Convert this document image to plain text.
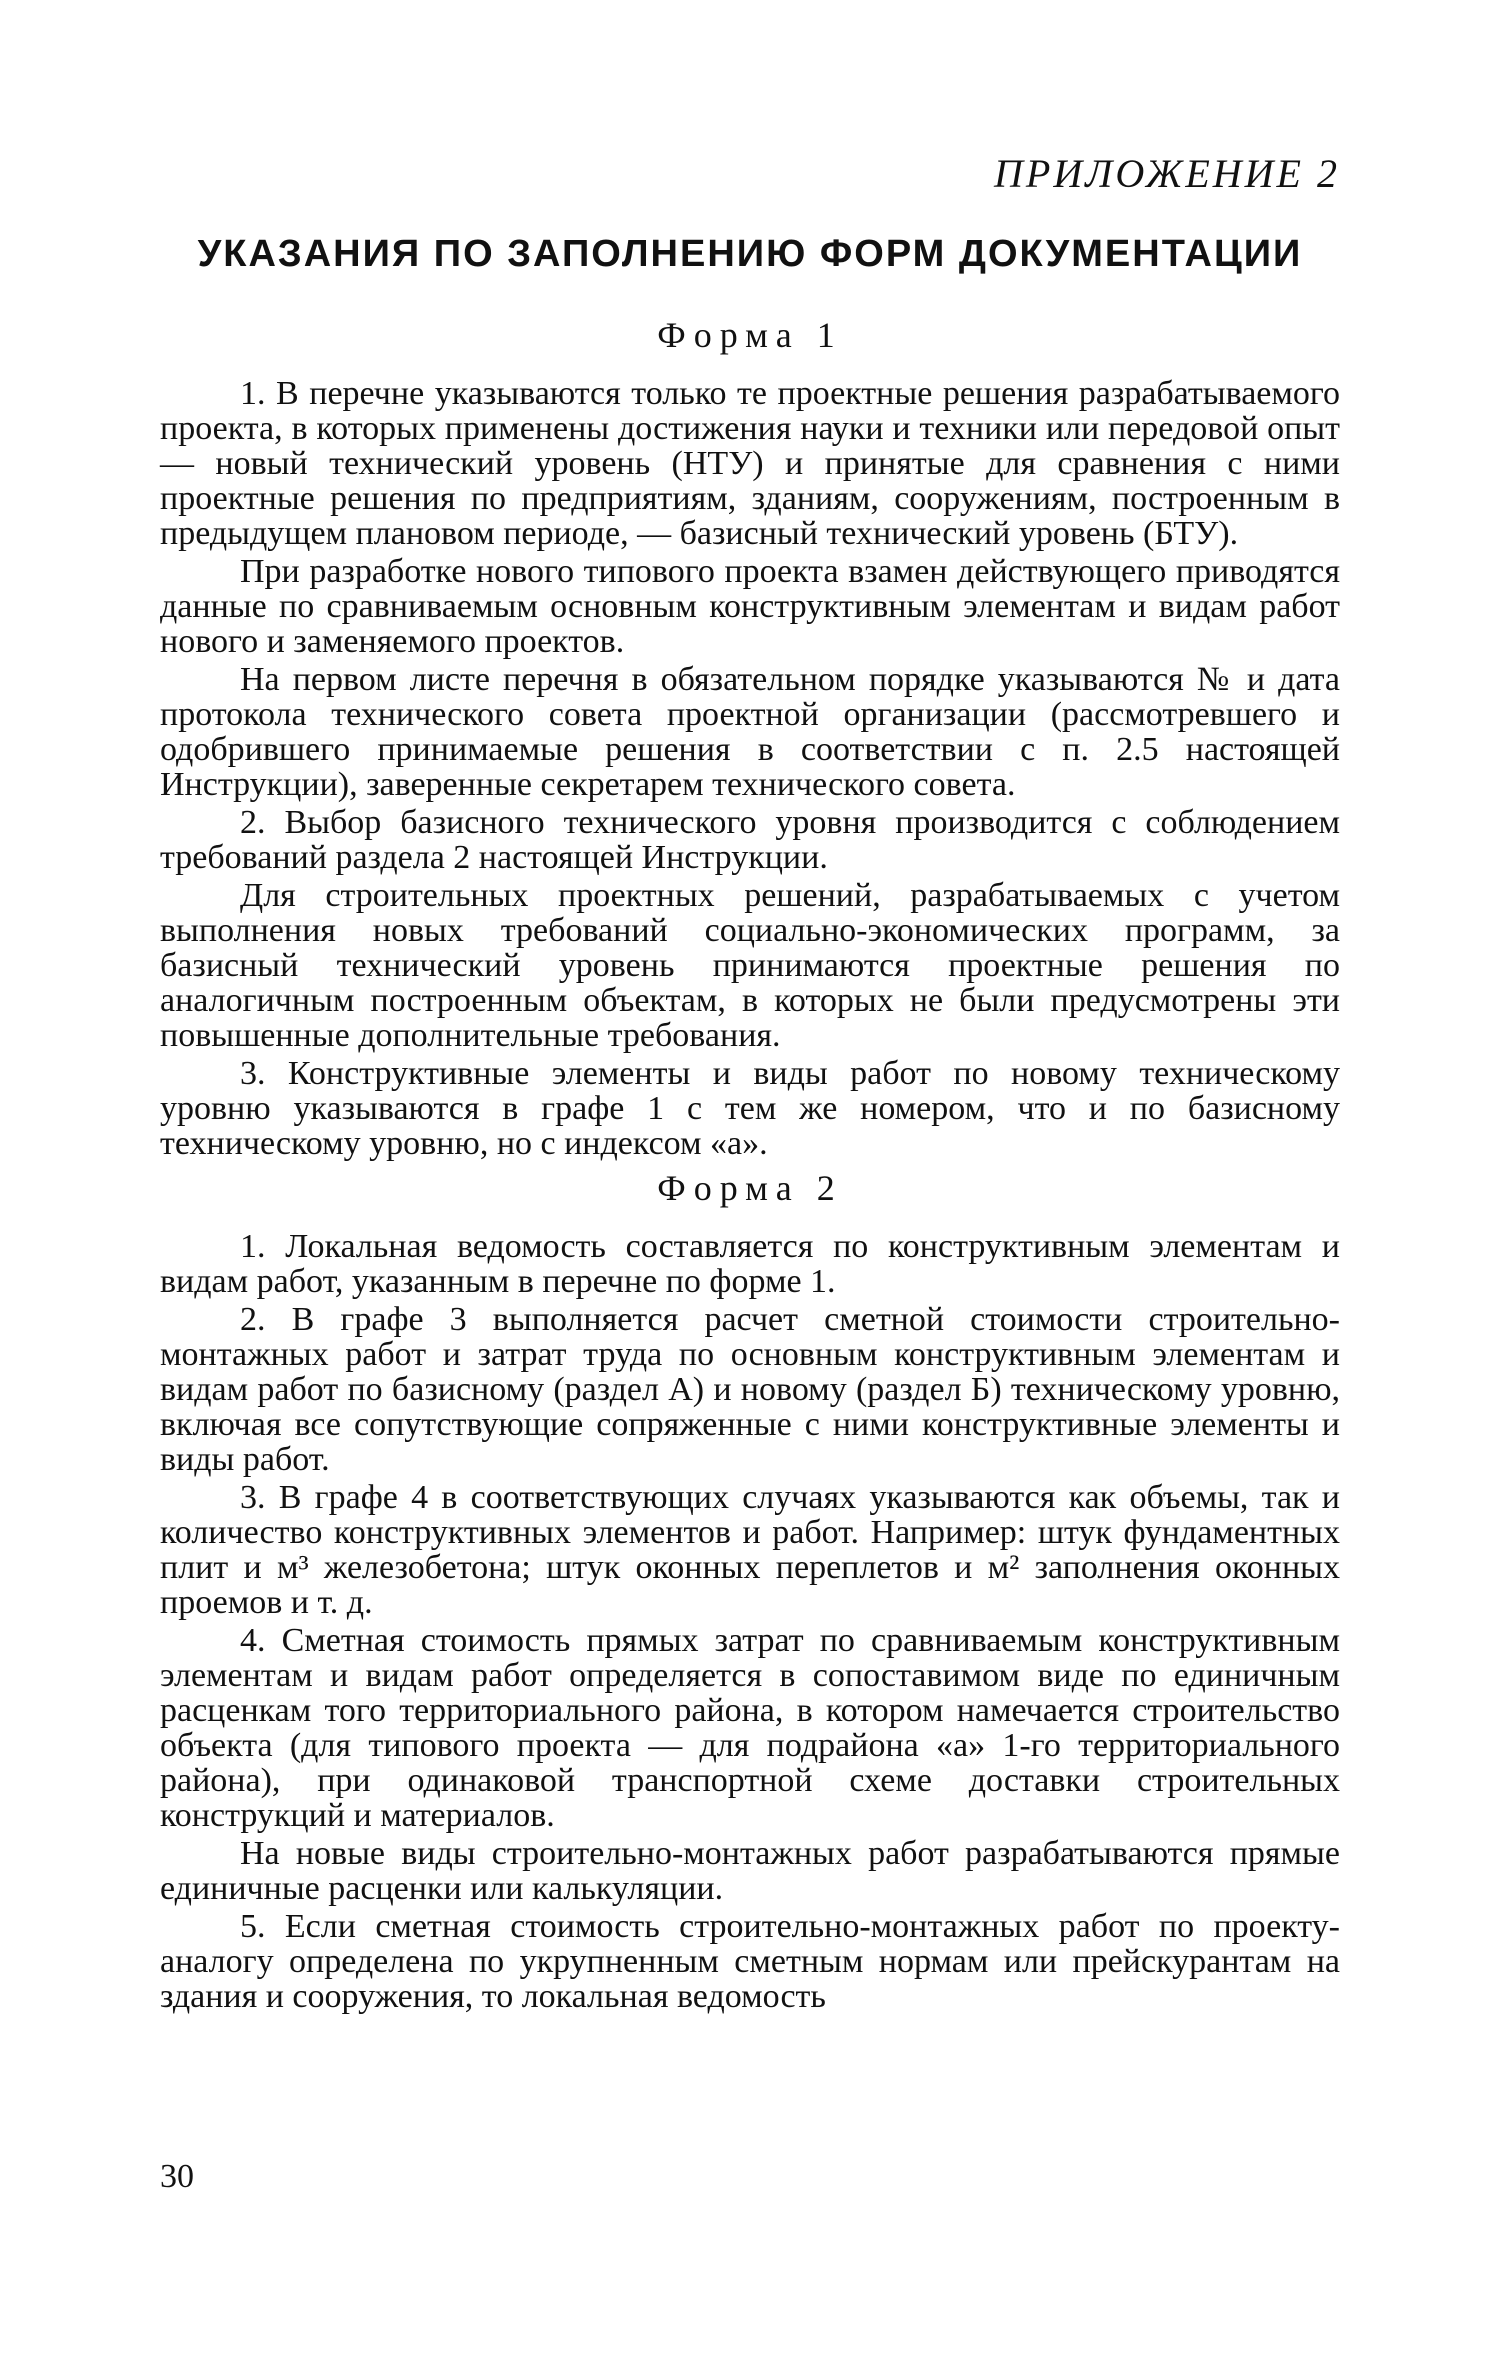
ПРИЛОЖЕНИЕ 2
УКАЗАНИЯ ПО ЗАПОЛНЕНИЮ ФОРМ ДОКУМЕНТАЦИИ
Форма 1

1. В перечне указываются только те проектные решения разрабатываемого проекта, в которых применены достижения науки и техники или передовой опыт — новый технический уровень (НТУ) и принятые для сравнения с ними проектные решения по предприятиям, зданиям, сооружениям, построенным в предыдущем плановом периоде, — базисный технический уровень (БТУ).

При разработке нового типового проекта взамен действующего приводятся данные по сравниваемым основным конструктивным элементам и видам работ нового и заменяемого проектов.

На первом листе перечня в обязательном порядке указываются № и дата протокола технического совета проектной организации (рассмотревшего и одобрившего принимаемые решения в соответствии с п. 2.5 настоящей Инструкции), заверенные секретарем технического совета.

2. Выбор базисного технического уровня производится с соблюдением требований раздела 2 настоящей Инструкции.

Для строительных проектных решений, разрабатываемых с учетом выполнения новых требований социально-экономических программ, за базисный технический уровень принимаются проектные решения по аналогичным построенным объектам, в которых не были предусмотрены эти повышенные дополнительные требования.

3. Конструктивные элементы и виды работ по новому техническому уровню указываются в графе 1 с тем же номером, что и по базисному техническому уровню, но с индексом «а».

Форма 2

1. Локальная ведомость составляется по конструктивным элементам и видам работ, указанным в перечне по форме 1.

2. В графе 3 выполняется расчет сметной стоимости строительно-монтажных работ и затрат труда по основным конструктивным элементам и видам работ по базисному (раздел А) и новому (раздел Б) техническому уровню, включая все сопутствующие сопряженные с ними конструктивные элементы и виды работ.

3. В графе 4 в соответствующих случаях указываются как объемы, так и количество конструктивных элементов и работ. Например: штук фундаментных плит и м³ железобетона; штук оконных переплетов и м² заполнения оконных проемов и т. д.

4. Сметная стоимость прямых затрат по сравниваемым конструктивным элементам и видам работ определяется в сопоставимом виде по единичным расценкам того территориального района, в котором намечается строительство объекта (для типового проекта — для подрайона «а» 1-го территориального района), при одинаковой транспортной схеме доставки строительных конструкций и материалов.

На новые виды строительно-монтажных работ разрабатываются прямые единичные расценки или калькуляции.

5. Если сметная стоимость строительно-монтажных работ по проекту-аналогу определена по укрупненным сметным нормам или прейскурантам на здания и сооружения, то локальная ведомость

30
